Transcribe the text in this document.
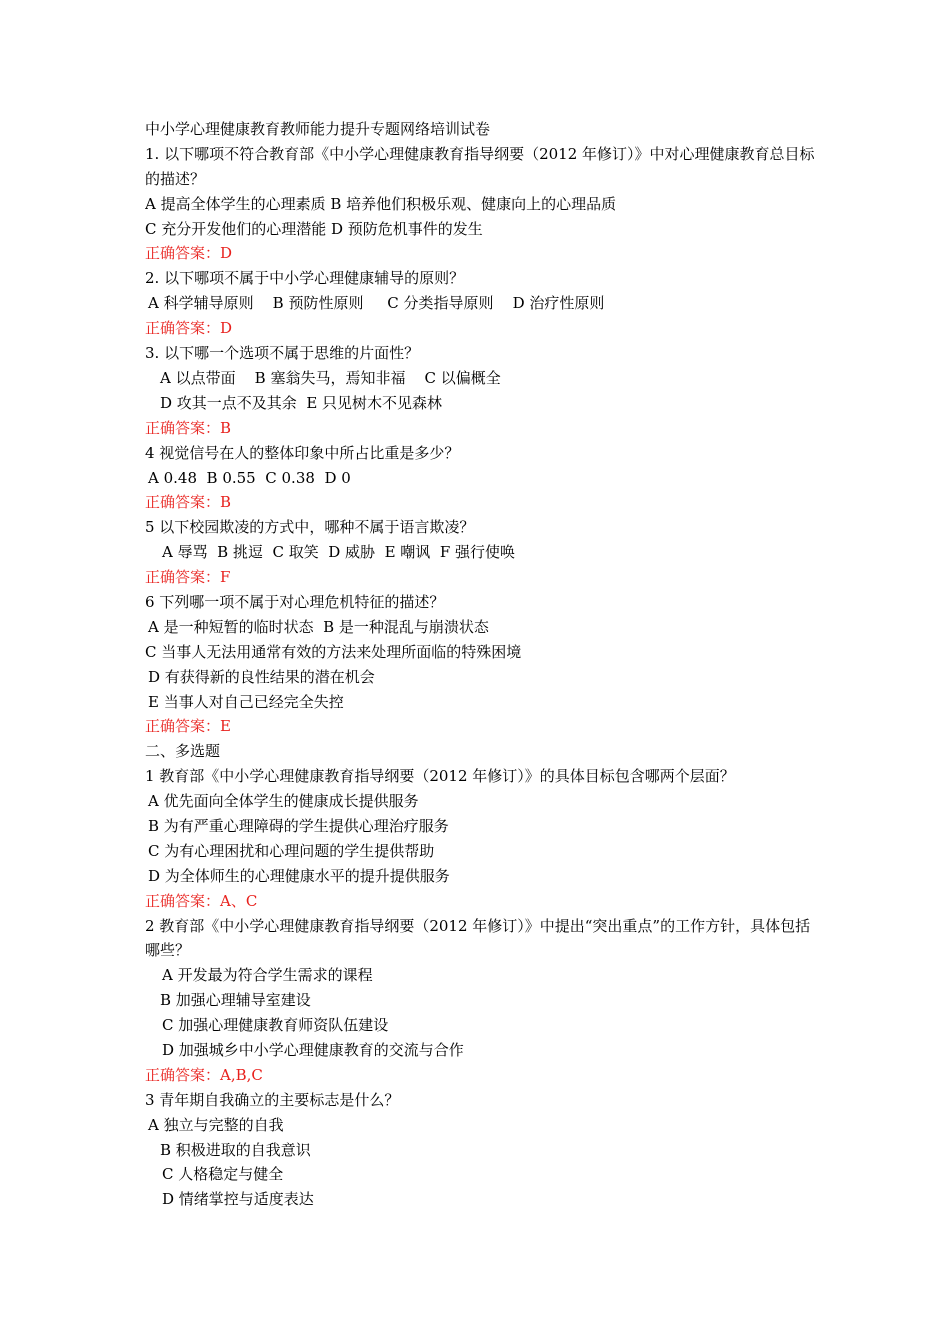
中小学心理健康教育教师能力提升专题网络培训试卷
1. 以下哪项不符合教育部《中小学心理健康教育指导纲要（2012 年修订）》中对心理健康教育总目标的描述？
A 提高全体学生的心理素质 B 培养他们积极乐观、健康向上的心理品质
C 充分开发他们的心理潜能 D 预防危机事件的发生
正确答案：D
2. 以下哪项不属于中小学心理健康辅导的原则？
A 科学辅导原则    B 预防性原则     C 分类指导原则    D 治疗性原则
正确答案：D
3. 以下哪一个选项不属于思维的片面性？
A 以点带面    B 塞翁失马，焉知非福    C 以偏概全
D 攻其一点不及其余  E 只见树木不见森林
正确答案：B
4 视觉信号在人的整体印象中所占比重是多少？
A 0.48  B 0.55  C 0.38  D 0
正确答案：B
5 以下校园欺凌的方式中，哪种不属于语言欺凌？
A 辱骂  B 挑逗  C 取笑  D 威胁  E 嘲讽  F 强行使唤
正确答案：F
6 下列哪一项不属于对心理危机特征的描述？
A 是一种短暂的临时状态  B 是一种混乱与崩溃状态
C 当事人无法用通常有效的方法来处理所面临的特殊困境
D 有获得新的良性结果的潜在机会
E 当事人对自己已经完全失控
正确答案：E
二、多选题
1 教育部《中小学心理健康教育指导纲要（2012 年修订）》的具体目标包含哪两个层面？
A 优先面向全体学生的健康成长提供服务
B 为有严重心理障碍的学生提供心理治疗服务
C 为有心理困扰和心理问题的学生提供帮助
D 为全体师生的心理健康水平的提升提供服务
正确答案：A、C
2 教育部《中小学心理健康教育指导纲要（2012 年修订）》中提出“突出重点”的工作方针，具体包括哪些？
A 开发最为符合学生需求的课程
B 加强心理辅导室建设
C 加强心理健康教育师资队伍建设
D 加强城乡中小学心理健康教育的交流与合作
正确答案：A,B,C
3 青年期自我确立的主要标志是什么？
A 独立与完整的自我
B 积极进取的自我意识
C 人格稳定与健全
D 情绪掌控与适度表达
